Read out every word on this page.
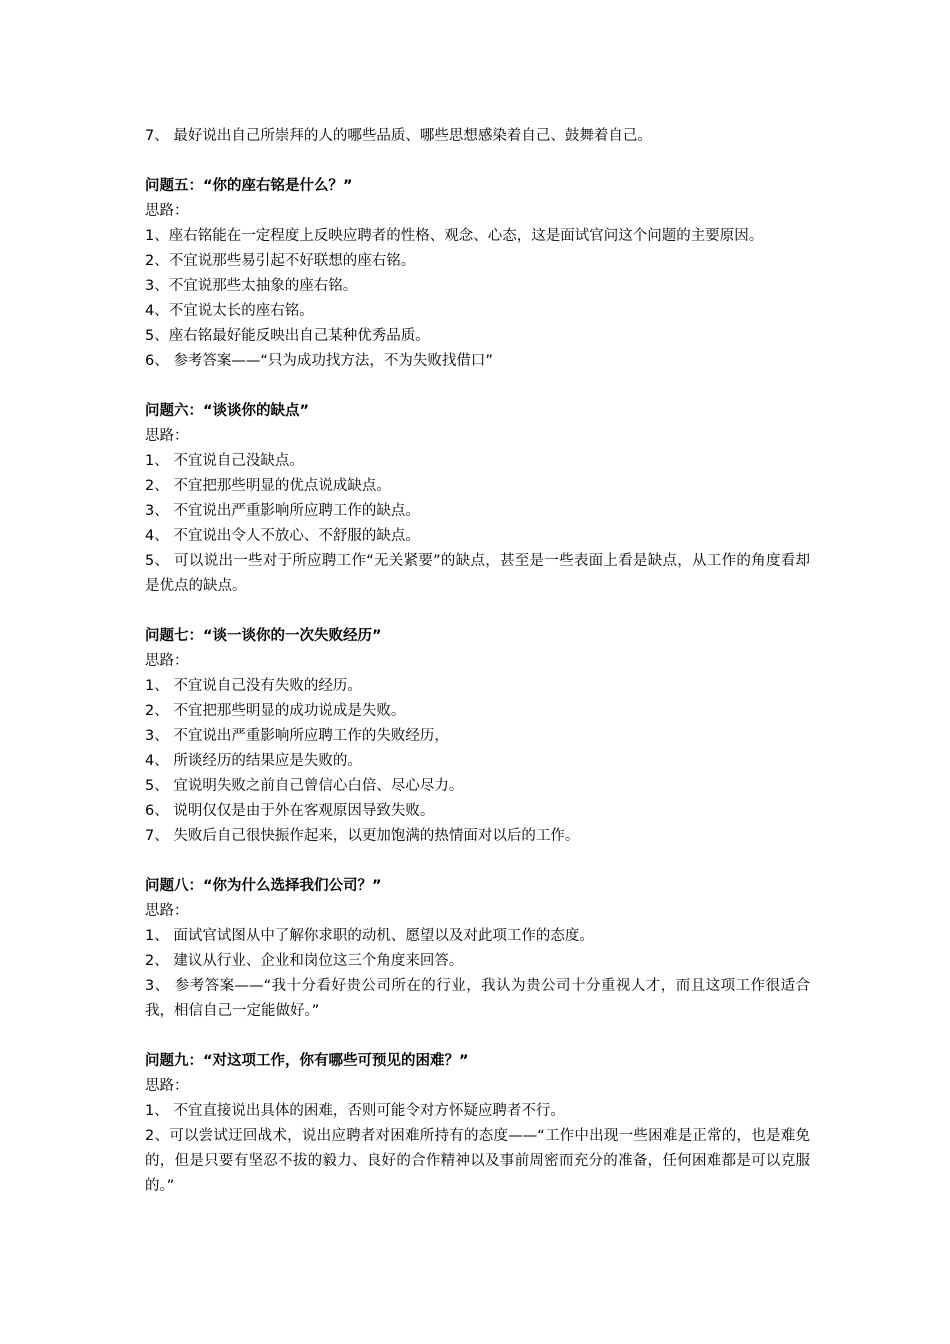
7、 最好说出自己所崇拜的人的哪些品质、哪些思想感染着自己、鼓舞着自己。
问题五：“你的座右铭是什么？”
思路：
1、座右铭能在一定程度上反映应聘者的性格、观念、心态，这是面试官问这个问题的主要原因。
2、不宜说那些易引起不好联想的座右铭。
3、不宜说那些太抽象的座右铭。
4、不宜说太长的座右铭。
5、座右铭最好能反映出自己某种优秀品质。
6、 参考答案——“只为成功找方法，不为失败找借口”
问题六：“谈谈你的缺点”
思路：
1、 不宜说自己没缺点。
2、 不宜把那些明显的优点说成缺点。
3、 不宜说出严重影响所应聘工作的缺点。
4、 不宜说出令人不放心、不舒服的缺点。
5、 可以说出一些对于所应聘工作“无关紧要”的缺点，甚至是一些表面上看是缺点，从工作的角度看却是优点的缺点。
问题七：“谈一谈你的一次失败经历”
思路：
1、 不宜说自己没有失败的经历。
2、 不宜把那些明显的成功说成是失败。
3、 不宜说出严重影响所应聘工作的失败经历，
4、 所谈经历的结果应是失败的。
5、 宜说明失败之前自己曾信心白倍、尽心尽力。
6、 说明仅仅是由于外在客观原因导致失败。
7、 失败后自己很快振作起来，以更加饱满的热情面对以后的工作。
问题八：“你为什么选择我们公司？”
思路：
1、 面试官试图从中了解你求职的动机、愿望以及对此项工作的态度。
2、 建议从行业、企业和岗位这三个角度来回答。
3、 参考答案——“我十分看好贵公司所在的行业，我认为贵公司十分重视人才，而且这项工作很适合我，相信自己一定能做好。”
问题九：“对这项工作，你有哪些可预见的困难？”
思路：
1、 不宜直接说出具体的困难，否则可能令对方怀疑应聘者不行。
2、可以尝试迂回战术，说出应聘者对困难所持有的态度——“工作中出现一些困难是正常的，也是难免的，但是只要有坚忍不拔的毅力、良好的合作精神以及事前周密而充分的准备，任何困难都是可以克服的。”
